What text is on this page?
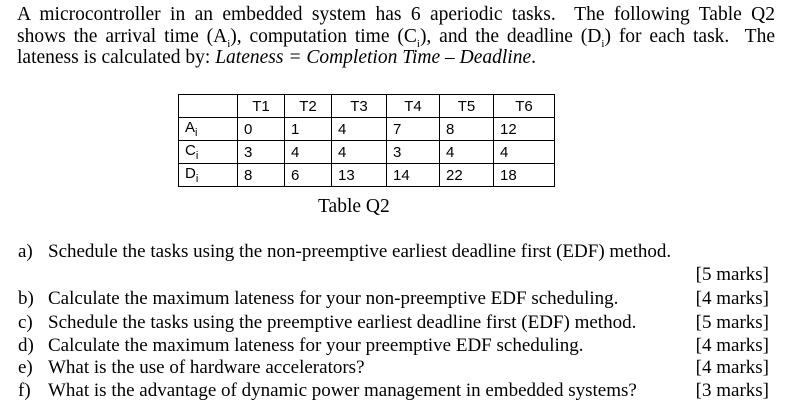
A microcontroller in an embedded system has 6 aperiodic tasks.  The following Table Q2
shows the arrival time $(A_i)$, computation time $(C_i)$, and the deadline $(D_i)$ for each task.  The
lateness is calculated by: Lateness = Completion Time – Deadline.
	T1	T2	T3	T4	T5	T6
$A_i$	0	1	4	7	8	12
$C_i$	3	4	4	3	4	4
$D_i$	8	6	13	14	22	18
Table Q2
a) Schedule the tasks using the non-preemptive earliest deadline first (EDF) method.
[5 marks]
b) Calculate the maximum lateness for your non-preemptive EDF scheduling.	[4 marks]
c) Schedule the tasks using the preemptive earliest deadline first (EDF) method.	[5 marks]
d) Calculate the maximum lateness for your preemptive EDF scheduling.	[4 marks]
e) What is the use of hardware accelerators?	[4 marks]
f) What is the advantage of dynamic power management in embedded systems?	[3 marks]
